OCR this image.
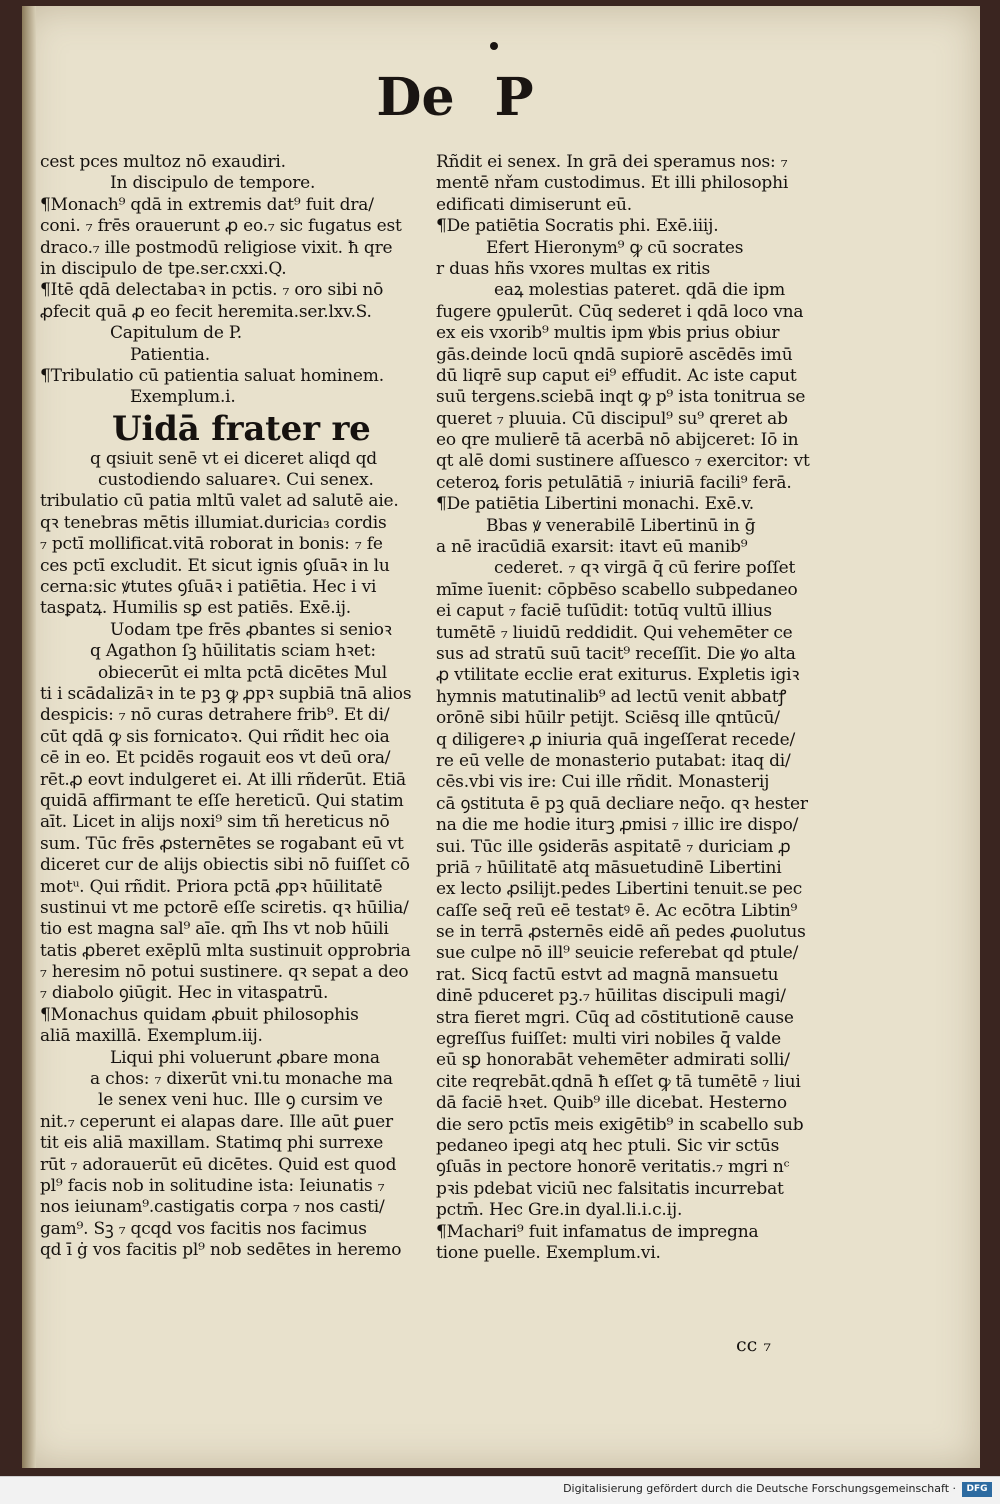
De P
cest pces multoz nō exaudiri.
In discipulo de tempore.
¶Monach⁹ qdā in extremis dat⁹ fuit dra/
coni. ₇ frēs orauerunt ꝓ eo.₇ sic fugatus est
draco.₇ ille postmodū religiose vixit. ħ qre
in discipulo de tpe.ser.cxxi.Q.
¶Itē qdā delectabaꝛ in pctis. ₇ oro sibi nō
ꝓfecit quā ꝓ eo fecit heremita.ser.lxv.S.
Capitulum de P.
Patientia.
¶Tribulatio cū patientia saluat hominem.
Exemplum.i.
Uidā frater re
q qsiuit senē vt ei diceret aliqd qd
custodiendo saluareꝛ. Cui senex.
tribulatio cū patia mltū valet ad salutē aie.
qꝛ tenebras mētis illumiat.duricia₃ cordis
₇ pctī mollificat.vitā roborat in bonis: ₇ fe
ces pctī excludit. Et sicut ignis ꝯſuāꝛ in lu
cerna:sic ꝟtutes ꝯſuāꝛ i patiētia. Hec i vi
tasꝑatꝝ. Humilis sꝑ est patiēs. Exē.ij.
Uodam tpe frēs ꝓbantes si senioꝛ
q Agathon ſꝫ hūilitatis sciam hꝛet:
obiecerūt ei mlta pctā dicētes Mul
ti i scādalizāꝛ in te pꝫ ꝙ ꝓpꝛ supbiā tnā alios
despicis: ₇ nō curas detrahere frib⁹. Et di/
cūt qdā ꝙ sis fornicatoꝛ. Qui rñdit hec oia
cē in eo. Et pcidēs rogauit eos vt deū ora/
rēt.ꝓ eovt indulgeret ei. At illi rñderūt. Etiā
quidā affirmant te eſſe hereticū. Qui statim
aīt. Licet in alijs noxi⁹ sim tñ hereticus nō
sum. Tūc frēs ꝓsternētes se rogabant eū vt
diceret cur de alijs obiectis sibi nō fuiſſet cō
motᵘ. Qui rñdit. Priora pctā ꝓpꝛ hūilitatē
sustinui vt me pctorē eſſe sciretis. qꝛ hūilia/
tio est magna sal⁹ aīe. qm̄ Ihs vt nob hūili
tatis ꝓberet exēplū mlta sustinuit opprobria
₇ heresim nō potui sustinere. qꝛ sepat a deo
₇ diabolo ꝯiūgit. Hec in vitasꝑatrū.
¶Monachus quidam ꝓbuit philosophis
aliā maxillā. Exemplum.iij.
Liqui phi voluerunt ꝓbare mona
a chos: ₇ dixerūt vni.tu monache ma
le senex veni huc. Ille ꝯ cursim ve
nit.₇ ceperunt ei alapas dare. Ille aūt ꝑuer
tit eis aliā maxillam. Statimq phi surrexe
rūt ₇ adorauerūt eū dicētes. Quid est quod
pl⁹ facis nob in solitudine ista: Ieiunatis ₇
nos ieiunam⁹.castigatis corpa ₇ nos casti/
gam⁹. Sꝫ ₇ qcqd vos facitis nos facimus
qd ī ġ vos facitis pl⁹ nob sedētes in heremo
Rñdit ei senex. In grā dei speramus nos: ₇
mentē nřam custodimus. Et illi philosophi
edificati dimiserunt eū.
¶De patiētia Socratis phi. Exē.iiij.
Efert Hieronym⁹ ꝙ cū socrates
r duas hñs vxores multas ex ritis
eaꝝ molestias pateret. qdā die ipm
fugere ꝯpulerūt. Cūq sederet i qdā loco vna
ex eis vxorib⁹ multis ipm ꝟbis prius obiur
gās.deinde locū qndā supiorē ascēdēs imū
dū liqrē sup caput ei⁹ effudit. Ac iste caput
suū tergens.sciebā inqt ꝙ p⁹ ista tonitrua se
queret ₇ pluuia. Cū discipul⁹ su⁹ qreret ab
eo qre mulierē tā acerbā nō abijceret: Iō in
qt alē domi sustinere aſſuesco ₇ exercitor: vt
ceteroꝝ foris petulātiā ₇ iniuriā facili⁹ ferā.
¶De patiētia Libertini monachi. Exē.v.
Bbas ꝟ venerabilē Libertinū in ḡ
a nē iracūdiā exarsit: itavt eū manib⁹
cederet. ₇ qꝛ virgā q̄ cū ferire poſſet
mīme īuenit: cōpbēso scabello subpedaneo
ei caput ₇ faciē tuſūdit: totūq vultū illius
tumētē ₇ liuidū reddidit. Qui vehemēter ce
sus ad stratū suū tacit⁹ receſſit. Die ꝟo alta
ꝓ vtilitate ecclie erat exiturus. Expletis igiꝛ
hymnis matutinalib⁹ ad lectū venit abbatꝭ
orōnē sibi hūilr petijt. Sciēsq ille qntūcū/
q diligereꝛ ꝓ iniuria quā ingeſſerat recede/
re eū velle de monasterio putabat: itaq di/
cēs.vbi vis ire: Cui ille rñdit. Monasterij
cā ꝯstituta ē pꝫ quā decliare neq̄o. qꝛ hester
na die me hodie iturꝫ ꝓmisi ₇ illic ire dispo/
sui. Tūc ille ꝯsiderās aspitatē ₇ duriciam ꝓ
priā ₇ hūilitatē atq māsuetudinē Libertini
ex lecto ꝓsilijt.pedes Libertini tenuit.se pec
caſſe seq̄ reū eē testatꝰ ē. Ac ecōtra Libtin⁹
se in terrā ꝓsternēs eidē añ pedes ꝓuolutus
sue culpe nō ill⁹ seuicie referebat qd ptule/
rat. Sicq factū estvt ad magnā mansuetu
dinē pduceret pꝫ.₇ hūilitas discipuli magi/
stra fieret mgri. Cūq ad cōstitutionē cause
egreſſus fuiſſet: multi viri nobiles q̄ valde
eū sꝑ honorabāt vehemēter admirati solli/
cite reqrebāt.qdnā ħ eſſet ꝙ tā tumētē ₇ liui
dā faciē hꝛet. Quib⁹ ille dicebat. Hesterno
die sero pctīs meis exigētib⁹ in scabello sub
pedaneo ipegi atq hec ptuli. Sic vir sctūs
ꝯſuās in pectore honorē veritatis.₇ mgri nᶜ
pꝛis pdebat viciū nec falsitatis incurrebat
pctm̄. Hec Gre.in dyal.li.i.c.ij.
¶Machari⁹ fuit infamatus de impregna
tione puelle. Exemplum.vi.
cc ₇
Digitalisierung gefördert durch die Deutsche Forschungsgemeinschaft ·	DFG
